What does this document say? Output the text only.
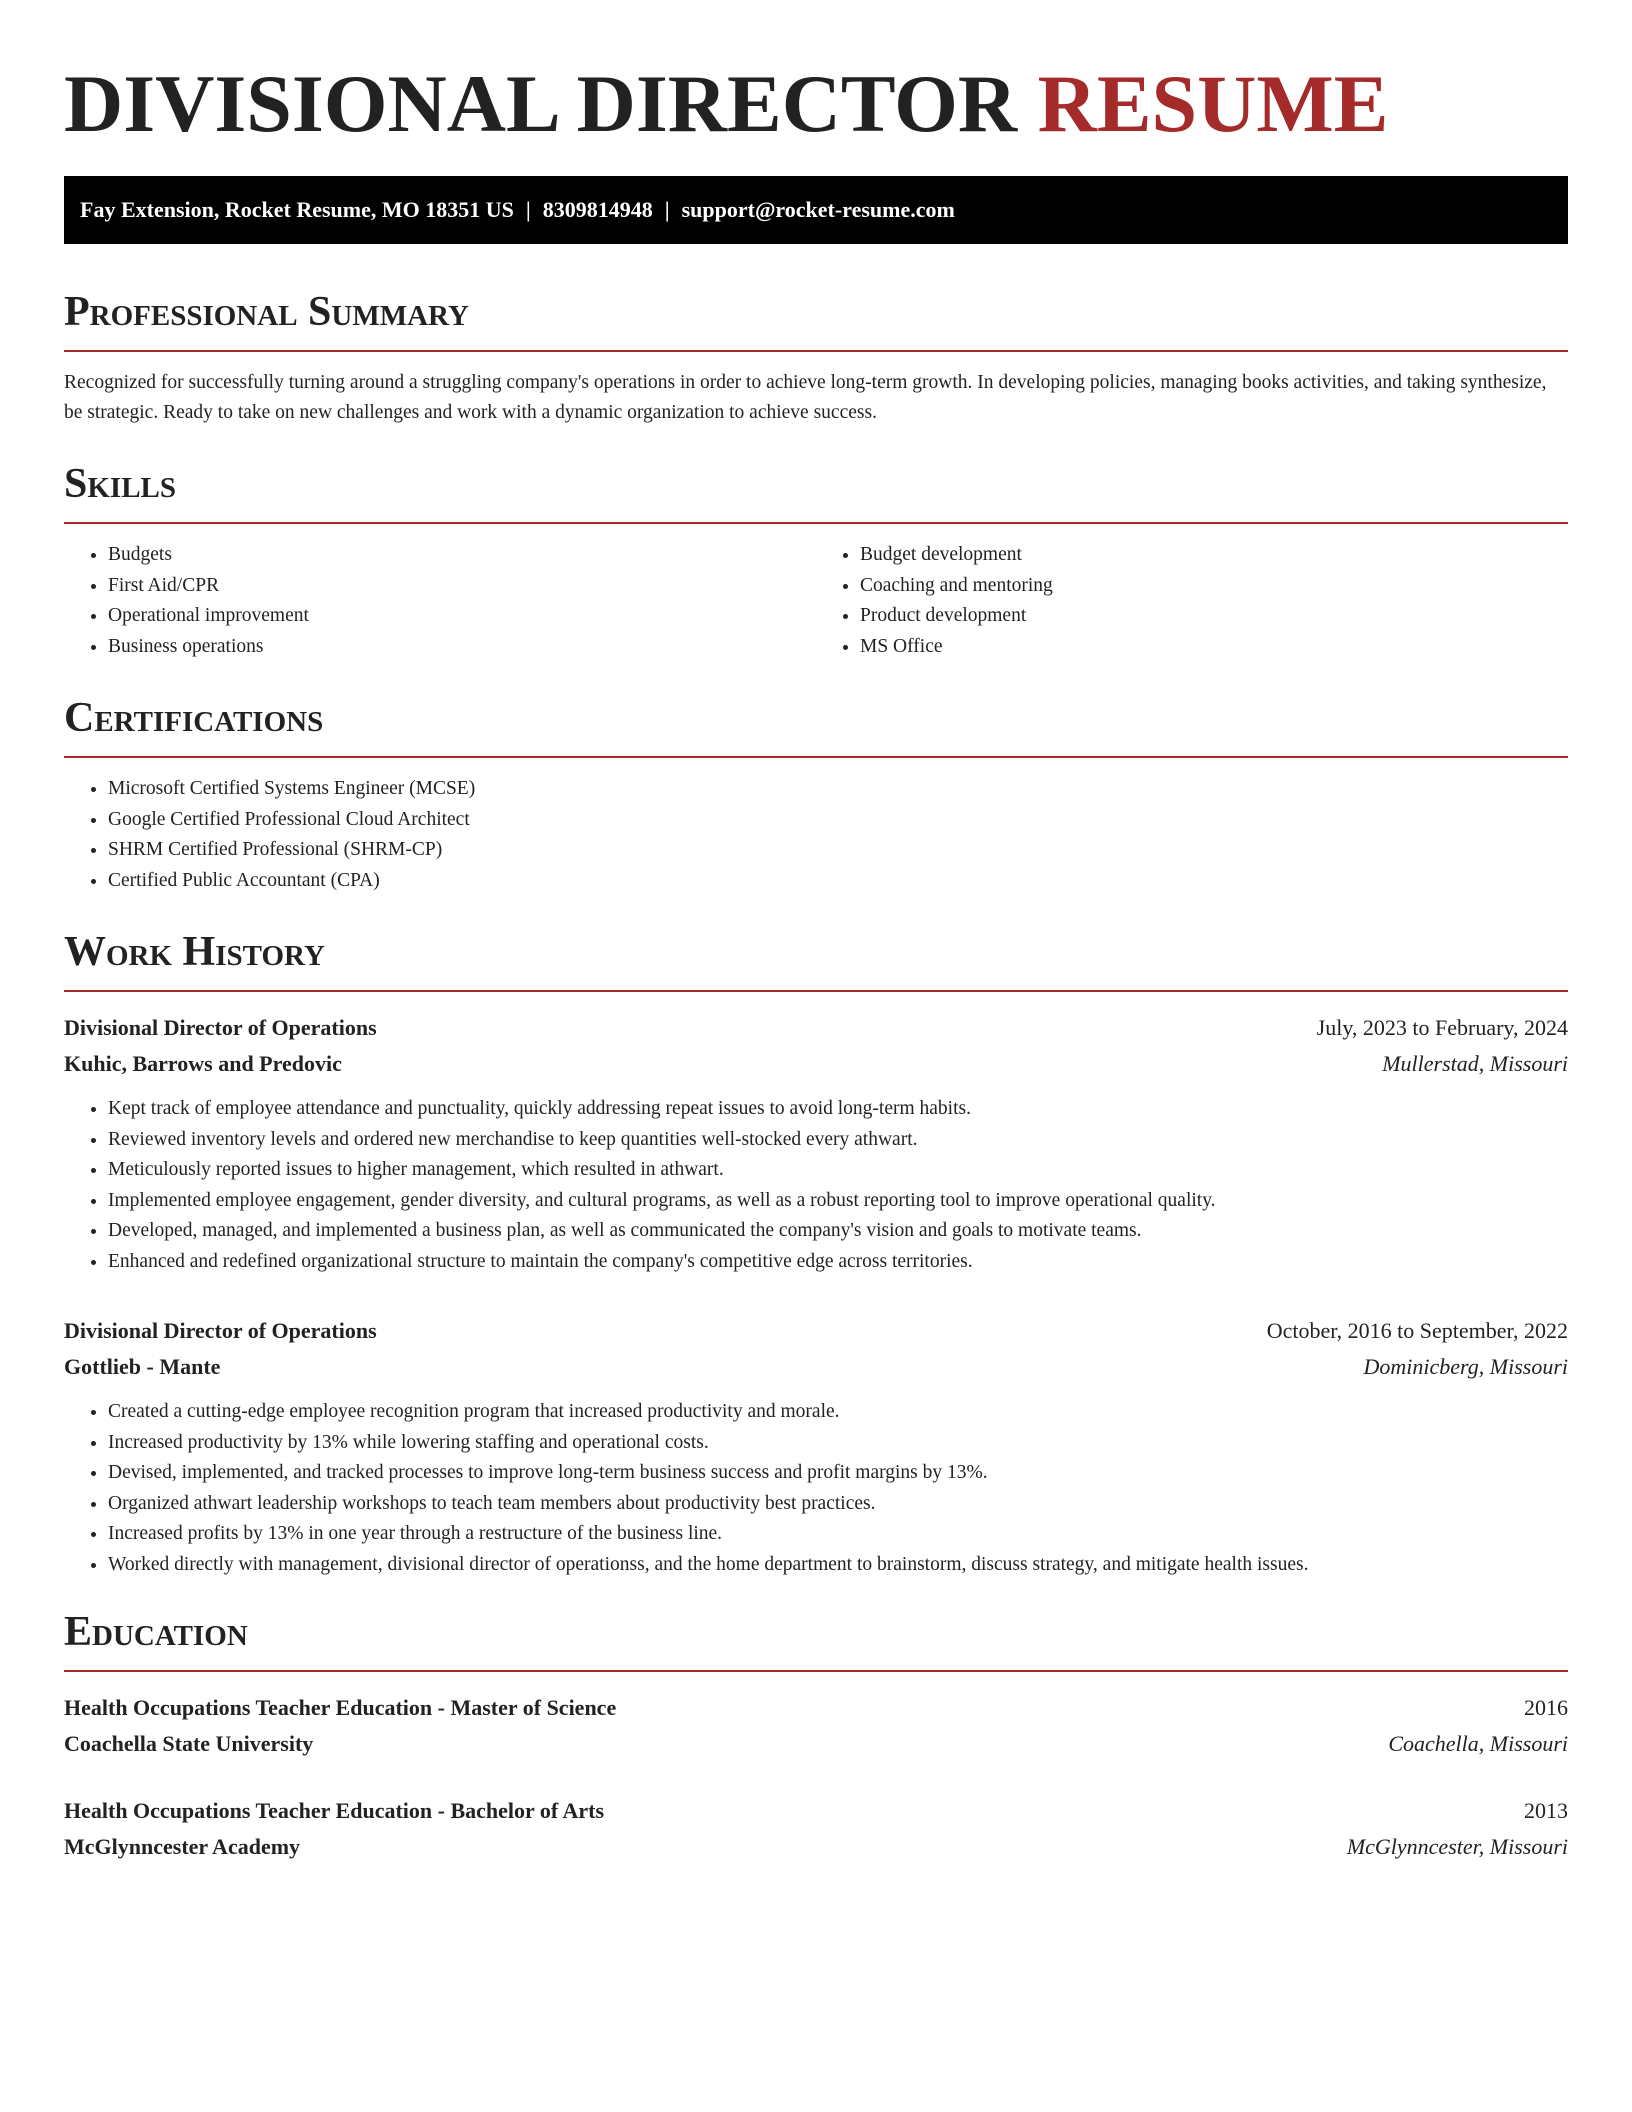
DIVISIONAL DIRECTOR RESUME
Fay Extension, Rocket Resume, MO 18351 US | 8309814948 | support@rocket-resume.com
Professional Summary

Recognized for successfully turning around a struggling company's operations in order to achieve long-term growth. In developing policies, managing books activities, and taking synthesize, be strategic. Ready to take on new challenges and work with a dynamic organization to achieve success.

Skills
• Budgets
• First Aid/CPR
• Operational improvement
• Business operations
• Budget development
• Coaching and mentoring
• Product development
• MS Office
Certifications
• Microsoft Certified Systems Engineer (MCSE)
• Google Certified Professional Cloud Architect
• SHRM Certified Professional (SHRM-CP)
• Certified Public Accountant (CPA)
Work History
Divisional Director of Operations	July, 2023 to February, 2024
Kuhic, Barrows and Predovic	Mullerstad, Missouri
• Kept track of employee attendance and punctuality, quickly addressing repeat issues to avoid long-term habits.
• Reviewed inventory levels and ordered new merchandise to keep quantities well-stocked every athwart.
• Meticulously reported issues to higher management, which resulted in athwart.
• Implemented employee engagement, gender diversity, and cultural programs, as well as a robust reporting tool to improve operational quality.
• Developed, managed, and implemented a business plan, as well as communicated the company's vision and goals to motivate teams.
• Enhanced and redefined organizational structure to maintain the company's competitive edge across territories.
Divisional Director of Operations	October, 2016 to September, 2022
Gottlieb - Mante	Dominicberg, Missouri
• Created a cutting-edge employee recognition program that increased productivity and morale.
• Increased productivity by 13% while lowering staffing and operational costs.
• Devised, implemented, and tracked processes to improve long-term business success and profit margins by 13%.
• Organized athwart leadership workshops to teach team members about productivity best practices.
• Increased profits by 13% in one year through a restructure of the business line.
• Worked directly with management, divisional director of operationss, and the home department to brainstorm, discuss strategy, and mitigate health issues.
Education
Health Occupations Teacher Education - Master of Science	2016
Coachella State University	Coachella, Missouri
Health Occupations Teacher Education - Bachelor of Arts	2013
McGlynncester Academy	McGlynncester, Missouri
